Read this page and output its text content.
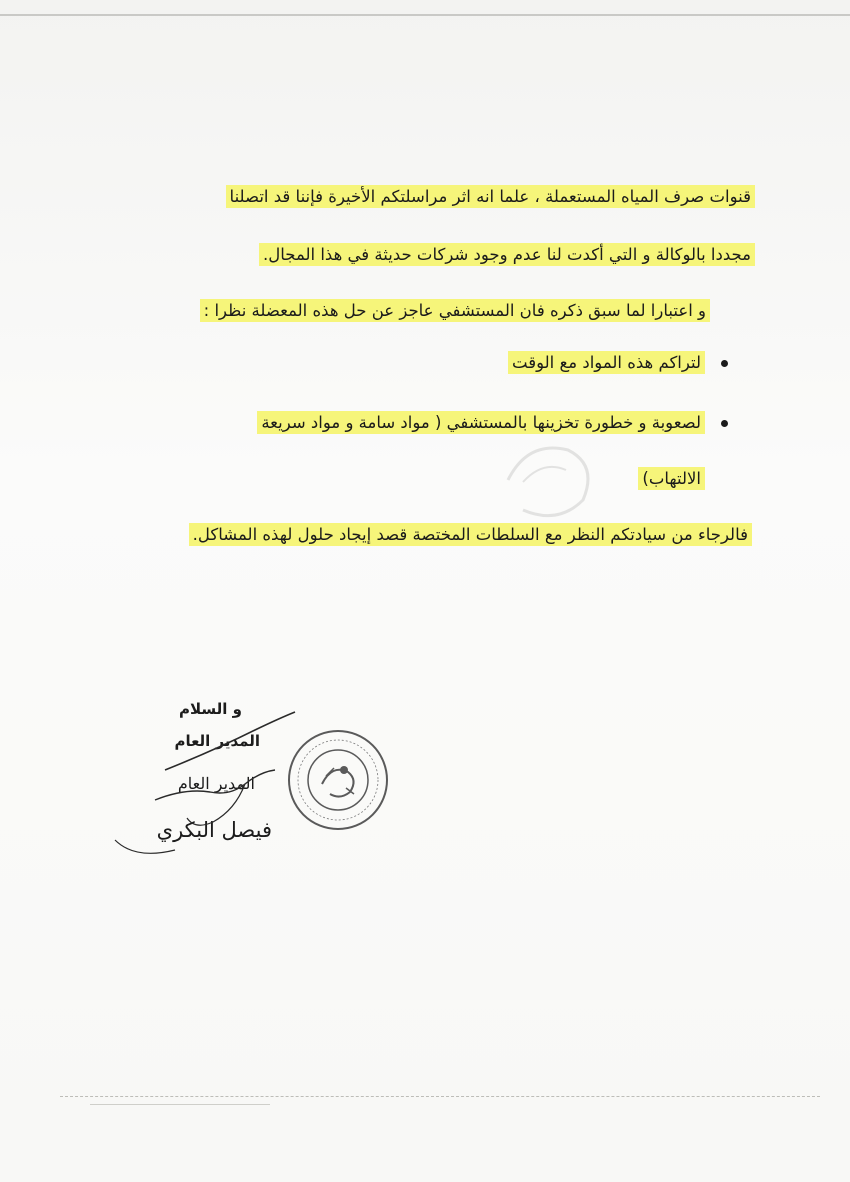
قنوات صرف المياه المستعملة ، علما انه اثر مراسلتكم الأخيرة فإننا قد اتصلنا
مجددا بالوكالة و التي أكدت لنا عدم وجود شركات حديثة في هذا المجال.
و اعتبارا لما سبق ذكره فان المستشفي عاجز عن حل هذه المعضلة نظرا :
لتراكم هذه المواد مع الوقت
لصعوبة و خطورة تخزينها بالمستشفي ( مواد سامة و مواد سريعة
الالتهاب)
فالرجاء من سيادتكم النظر مع السلطات المختصة قصد إيجاد حلول لهذه المشاكل.
و السلام
المدير العام
المدير العام
فيصل البكري
